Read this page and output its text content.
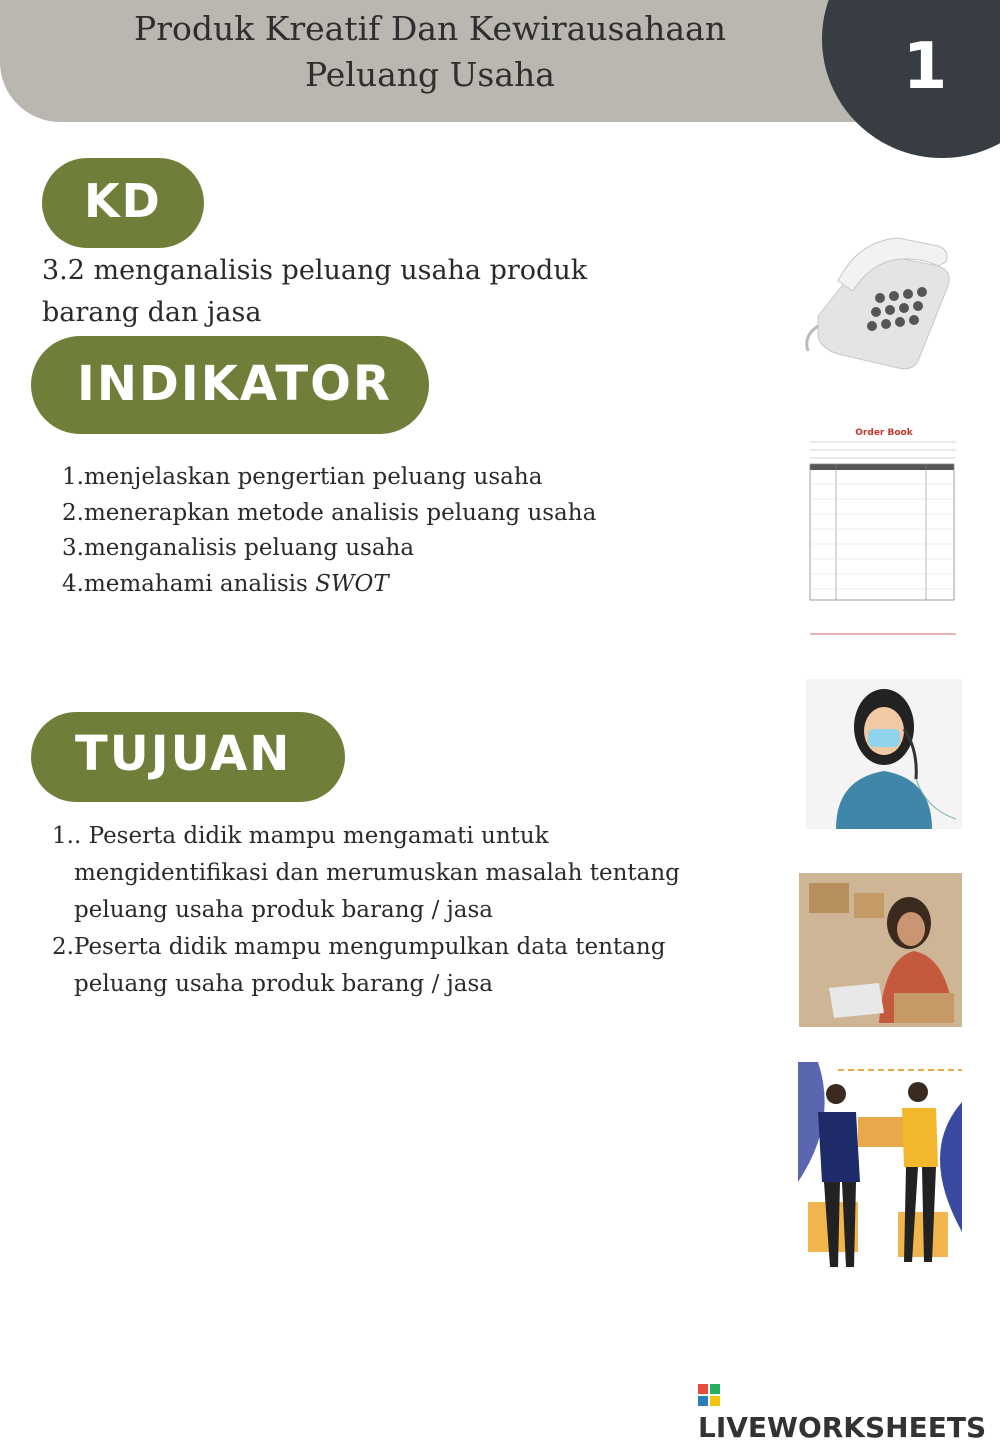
Produk Kreatif Dan Kewirausahaan
Peluang Usaha	1
KD
3.2 menganalisis peluang usaha produk
barang dan jasa
INDIKATOR
1.menjelaskan pengertian peluang usaha
2.menerapkan metode analisis peluang usaha
3.menganalisis peluang usaha
4.memahami analisis SWOT
TUJUAN
1. . Peserta didik mampu mengamati untuk
mengidentifikasi dan merumuskan masalah tentang
peluang usaha produk barang / jasa
2. Peserta didik mampu mengumpulkan data tentang
peluang usaha produk barang / jasa
Order Book
LIVEWORKSHEETS
